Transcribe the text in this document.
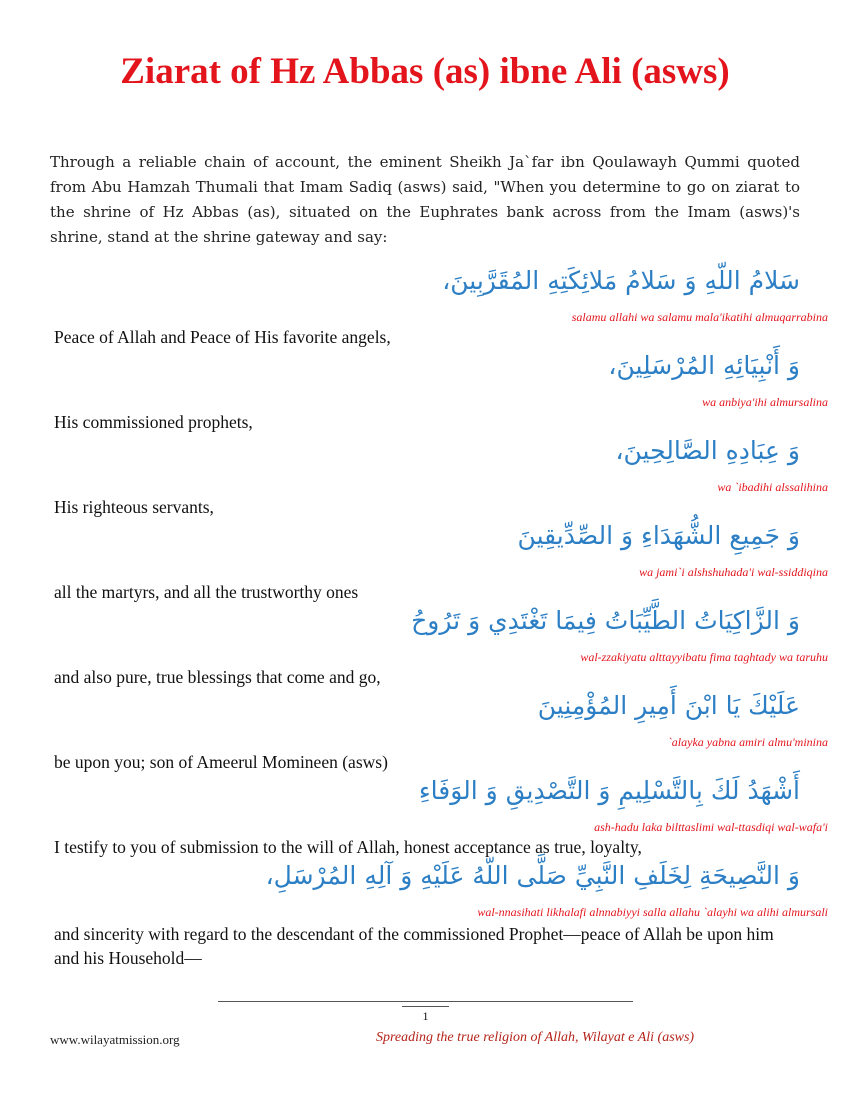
Ziarat of Hz Abbas (as) ibne Ali (asws)

Through a reliable chain of account, the eminent Sheikh Ja`far ibn Qoulawayh Qummi quoted from Abu Hamzah Thumali that Imam Sadiq (asws) said, "When you determine to go on ziarat to the shrine of Hz Abbas (as), situated on the Euphrates bank across from the Imam (asws)'s shrine, stand at the shrine gateway and say:

سَلامُ اللّهِ وَ سَلامُ مَلائِكَتِهِ المُقَرَّبِينَ،
salamu allahi wa salamu mala'ikatihi almuqarrabina
Peace of Allah and Peace of His favorite angels,
وَ أَنْبِيَائِهِ المُرْسَلِينَ،
wa anbiya'ihi almursalina
His commissioned prophets,
وَ عِبَادِهِ الصَّالِحِينَ،
wa `ibadihi alssalihina
His righteous servants,
وَ جَمِيعِ الشُّهَدَاءِ وَ الصِّدِّيقِينَ
wa jami`i alshshuhada'i wal-ssiddiqina
all the martyrs, and all the trustworthy ones
وَ الزَّاكِيَاتُ الطَّيِّبَاتُ فِيمَا تَغْتَدِي وَ تَرُوحُ
wal-zzakiyatu alttayyibatu fima taghtady wa taruhu
and also pure, true blessings that come and go,
عَلَيْكَ يَا ابْنَ أَمِيرِ المُؤْمِنِينَ
`alayka yabna amiri almu'minina
be upon you; son of Ameerul Momineen (asws)
أَشْهَدُ لَكَ بِالتَّسْلِيمِ وَ التَّصْدِيقِ وَ الوَفَاءِ
ash-hadu laka bilttaslimi wal-ttasdiqi wal-wafa'i
I testify to you of submission to the will of Allah, honest acceptance as true, loyalty,
وَ النَّصِيحَةِ لِخَلَفِ النَّبِيِّ صَلَّى اللّهُ عَلَيْهِ وَ آلِهِ المُرْسَلِ،
wal-nnasihati likhalafi alnnabiyyi salla allahu `alayhi wa alihi almursali
and sincerity with regard to the descendant of the commissioned Prophet—peace of Allah be upon him and his Household—
1
www.wilayatmission.org	Spreading the true religion of Allah, Wilayat e Ali (asws)
